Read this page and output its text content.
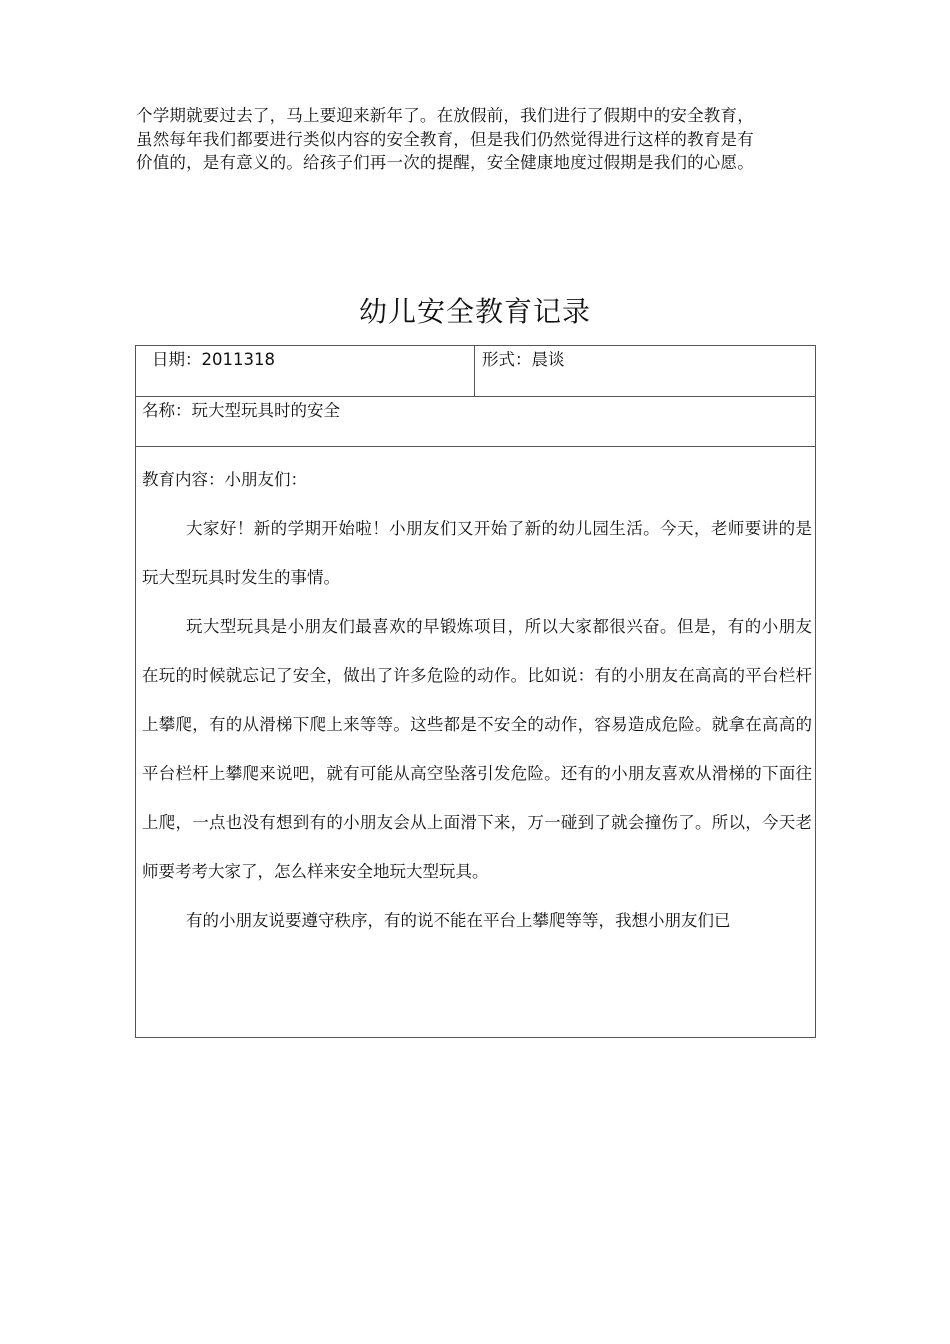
个学期就要过去了，马上要迎来新年了。在放假前，我们进行了假期中的安全教育，

虽然每年我们都要进行类似内容的安全教育，但是我们仍然觉得进行这样的教育是有

价值的，是有意义的。给孩子们再一次的提醒，安全健康地度过假期是我们的心愿。

幼儿安全教育记录
日期：2011318	形式：晨谈
名称：玩大型玩具时的安全

教育内容：小朋友们：

大家好！新的学期开始啦！小朋友们又开始了新的幼儿园生活。今天，老师要讲的是玩大型玩具时发生的事情。

玩大型玩具是小朋友们最喜欢的早锻炼项目，所以大家都很兴奋。但是，有的小朋友在玩的时候就忘记了安全，做出了许多危险的动作。比如说：有的小朋友在高高的平台栏杆上攀爬，有的从滑梯下爬上来等等。这些都是不安全的动作，容易造成危险。就拿在高高的平台栏杆上攀爬来说吧，就有可能从高空坠落引发危险。还有的小朋友喜欢从滑梯的下面往上爬，一点也没有想到有的小朋友会从上面滑下来，万一碰到了就会撞伤了。所以，今天老师要考考大家了，怎么样来安全地玩大型玩具。

有的小朋友说要遵守秩序，有的说不能在平台上攀爬等等，我想小朋友们已
